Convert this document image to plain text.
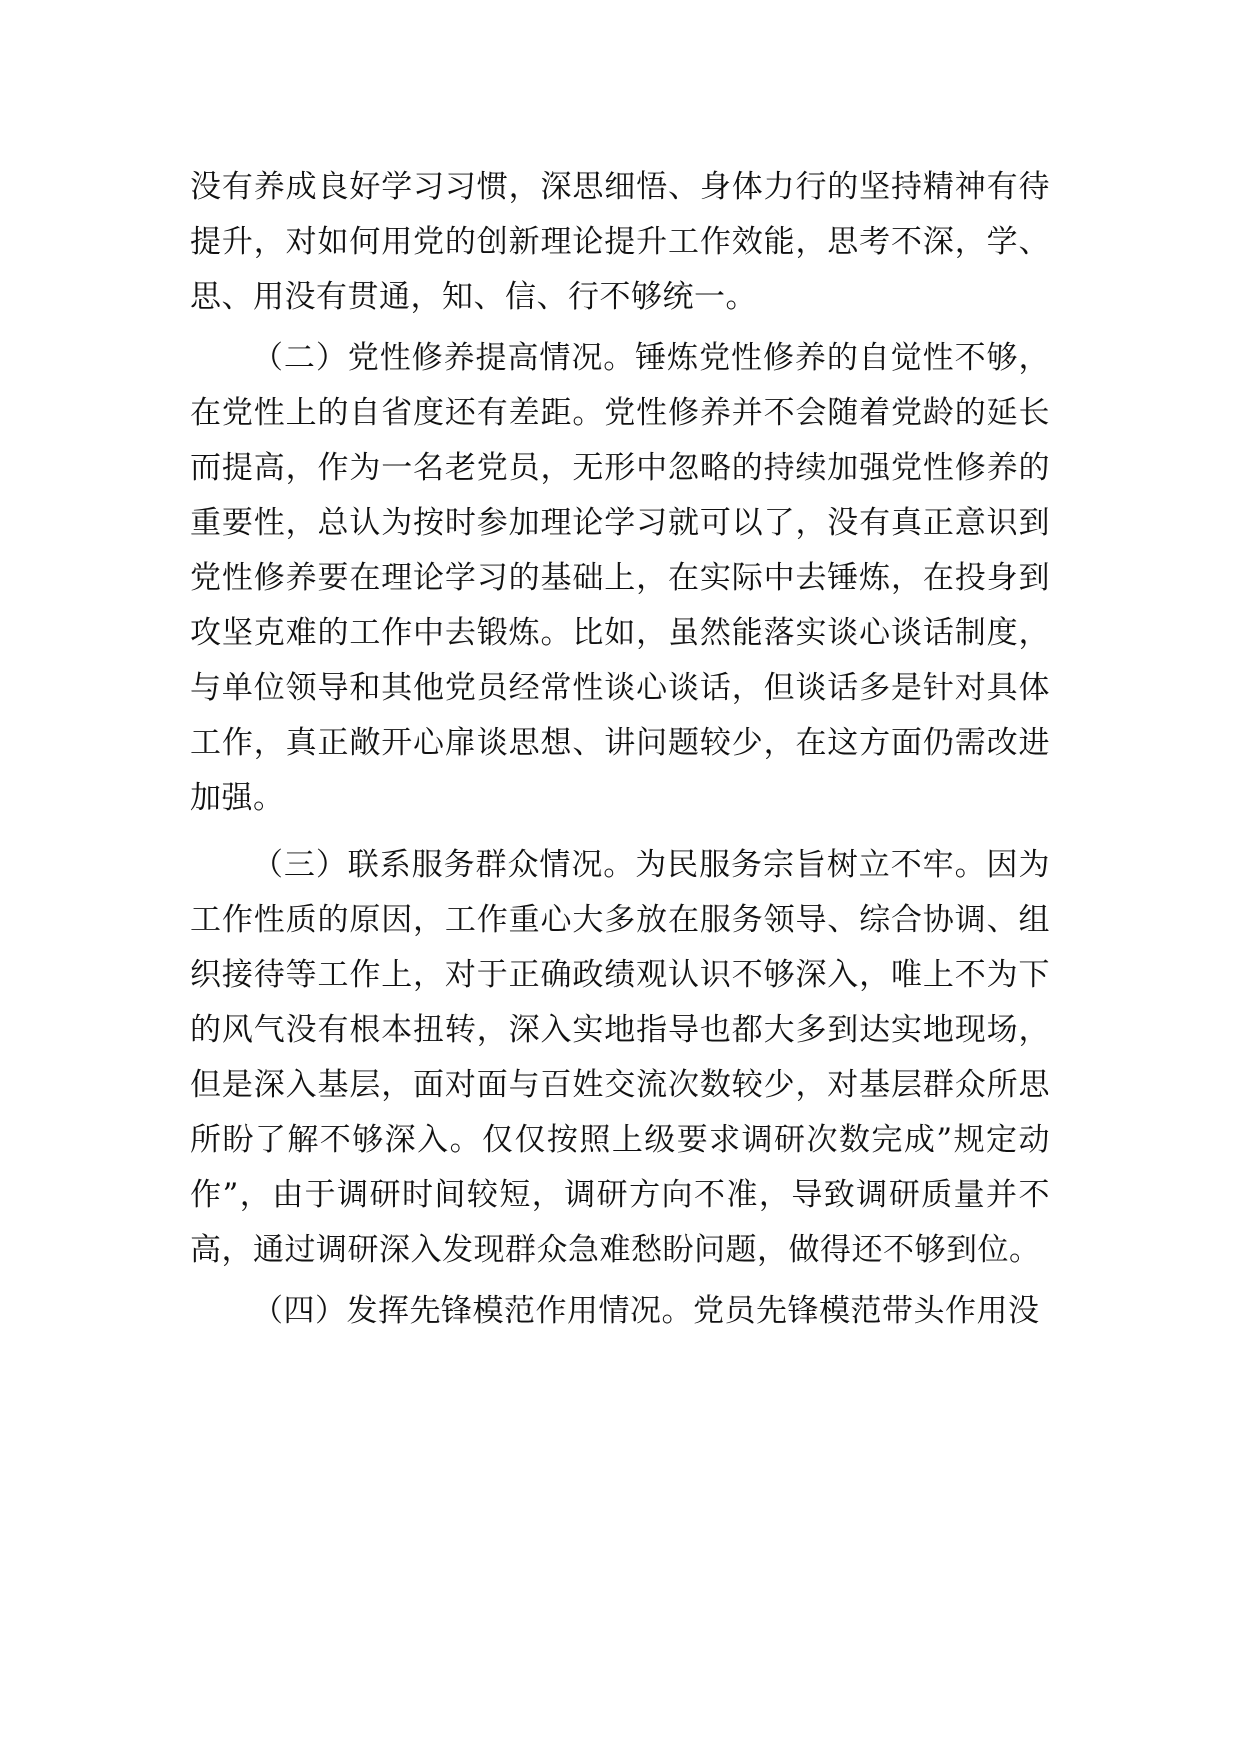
没有养成良好学习习惯，深思细悟、身体力行的坚持精神有待提升，对如何用党的创新理论提升工作效能，思考不深，学、思、用没有贯通，知、信、行不够统一。

（二）党性修养提高情况。锤炼党性修养的自觉性不够，在党性上的自省度还有差距。党性修养并不会随着党龄的延长而提高，作为一名老党员，无形中忽略的持续加强党性修养的重要性，总认为按时参加理论学习就可以了，没有真正意识到党性修养要在理论学习的基础上，在实际中去锤炼，在投身到攻坚克难的工作中去锻炼。比如，虽然能落实谈心谈话制度，与单位领导和其他党员经常性谈心谈话，但谈话多是针对具体工作，真正敞开心扉谈思想、讲问题较少，在这方面仍需改进加强。

（三）联系服务群众情况。为民服务宗旨树立不牢。因为工作性质的原因，工作重心大多放在服务领导、综合协调、组织接待等工作上，对于正确政绩观认识不够深入，唯上不为下的风气没有根本扭转，深入实地指导也都大多到达实地现场，但是深入基层，面对面与百姓交流次数较少，对基层群众所思所盼了解不够深入。仅仅按照上级要求调研次数完成”规定动作”，由于调研时间较短，调研方向不准，导致调研质量并不高，通过调研深入发现群众急难愁盼问题，做得还不够到位。

（四）发挥先锋模范作用情况。党员先锋模范带头作用没
